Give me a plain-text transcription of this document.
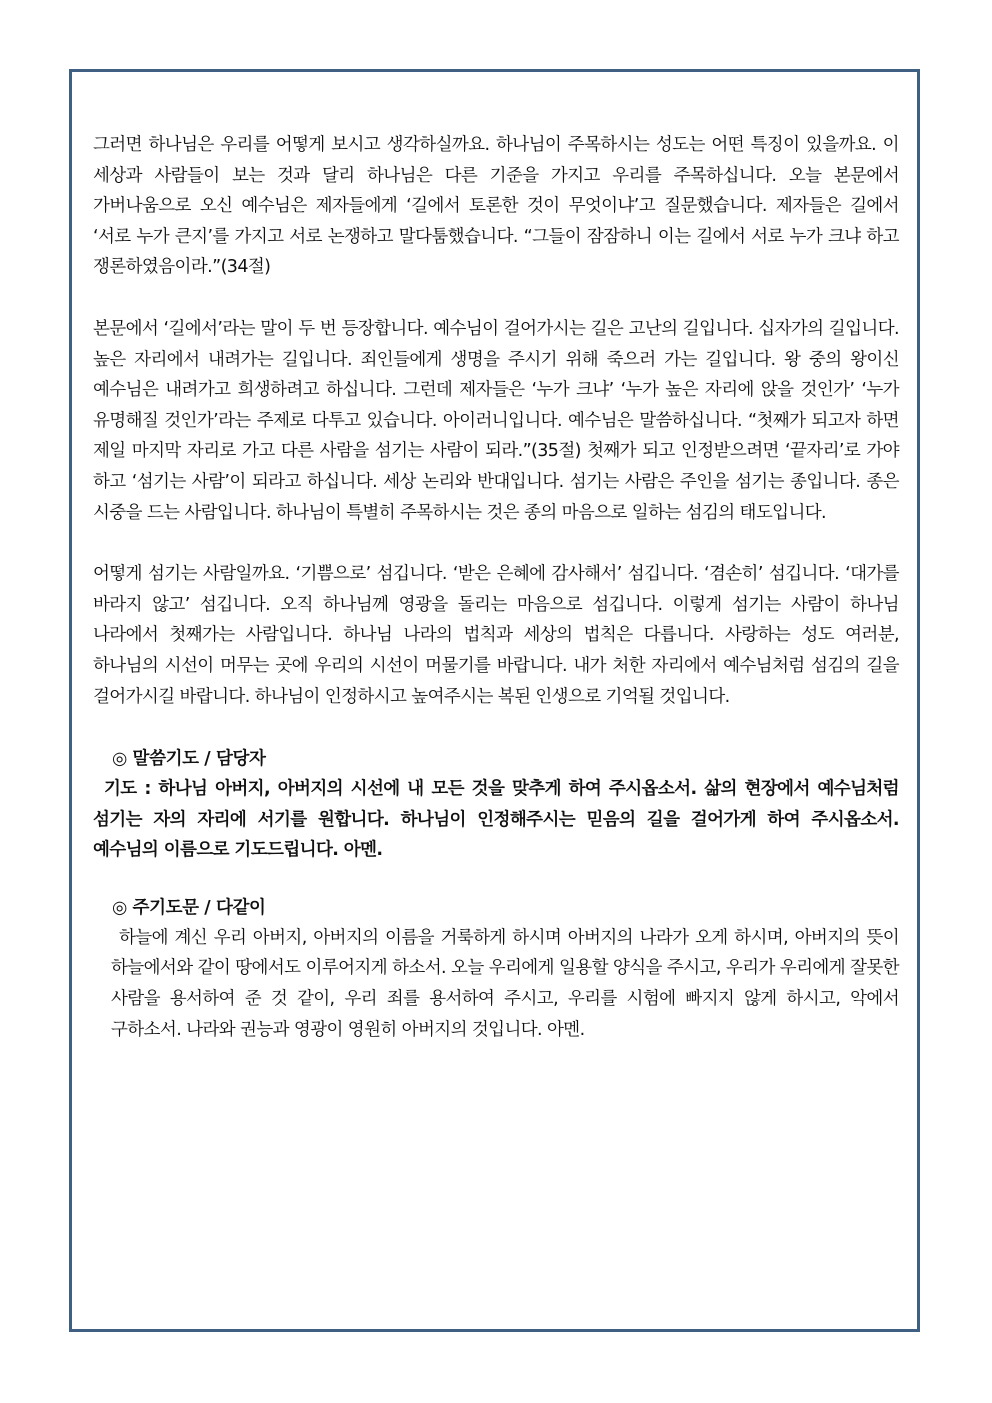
그러면 하나님은 우리를 어떻게 보시고 생각하실까요. 하나님이 주목하시는 성도는 어떤 특징이 있을까요. 이 세상과 사람들이 보는 것과 달리 하나님은 다른 기준을 가지고 우리를 주목하십니다. 오늘 본문에서 가버나움으로 오신 예수님은 제자들에게 ‘길에서 토론한 것이 무엇이냐’고 질문했습니다. 제자들은 길에서 ‘서로 누가 큰지’를 가지고 서로 논쟁하고 말다툼했습니다. “그들이 잠잠하니 이는 길에서 서로 누가 크냐 하고 쟁론하였음이라.”(34절)

본문에서 ‘길에서’라는 말이 두 번 등장합니다. 예수님이 걸어가시는 길은 고난의 길입니다. 십자가의 길입니다. 높은 자리에서 내려가는 길입니다. 죄인들에게 생명을 주시기 위해 죽으러 가는 길입니다. 왕 중의 왕이신 예수님은 내려가고 희생하려고 하십니다. 그런데 제자들은 ‘누가 크냐’ ‘누가 높은 자리에 앉을 것인가’ ‘누가 유명해질 것인가’라는 주제로 다투고 있습니다. 아이러니입니다. 예수님은 말씀하십니다. “첫째가 되고자 하면 제일 마지막 자리로 가고 다른 사람을 섬기는 사람이 되라.”(35절) 첫째가 되고 인정받으려면 ‘끝자리’로 가야 하고 ‘섬기는 사람’이 되라고 하십니다. 세상 논리와 반대입니다. 섬기는 사람은 주인을 섬기는 종입니다. 종은 시중을 드는 사람입니다. 하나님이 특별히 주목하시는 것은 종의 마음으로 일하는 섬김의 태도입니다.

어떻게 섬기는 사람일까요. ‘기쁨으로’ 섬깁니다. ‘받은 은혜에 감사해서’ 섬깁니다. ‘겸손히’ 섬깁니다. ‘대가를 바라지 않고’ 섬깁니다. 오직 하나님께 영광을 돌리는 마음으로 섬깁니다. 이렇게 섬기는 사람이 하나님 나라에서 첫째가는 사람입니다. 하나님 나라의 법칙과 세상의 법칙은 다릅니다. 사랑하는 성도 여러분, 하나님의 시선이 머무는 곳에 우리의 시선이 머물기를 바랍니다. 내가 처한 자리에서 예수님처럼 섬김의 길을 걸어가시길 바랍니다. 하나님이 인정하시고 높여주시는 복된 인생으로 기억될 것입니다.

◎ 말씀기도 / 담당자

기도 : 하나님 아버지, 아버지의 시선에 내 모든 것을 맞추게 하여 주시옵소서. 삶의 현장에서 예수님처럼 섬기는 자의 자리에 서기를 원합니다. 하나님이 인정해주시는 믿음의 길을 걸어가게 하여 주시옵소서. 예수님의 이름으로 기도드립니다. 아멘.

◎ 주기도문 / 다같이

하늘에 계신 우리 아버지, 아버지의 이름을 거룩하게 하시며 아버지의 나라가 오게 하시며, 아버지의 뜻이 하늘에서와 같이 땅에서도 이루어지게 하소서. 오늘 우리에게 일용할 양식을 주시고, 우리가 우리에게 잘못한 사람을 용서하여 준 것 같이, 우리 죄를 용서하여 주시고, 우리를 시험에 빠지지 않게 하시고, 악에서 구하소서. 나라와 권능과 영광이 영원히 아버지의 것입니다. 아멘.
